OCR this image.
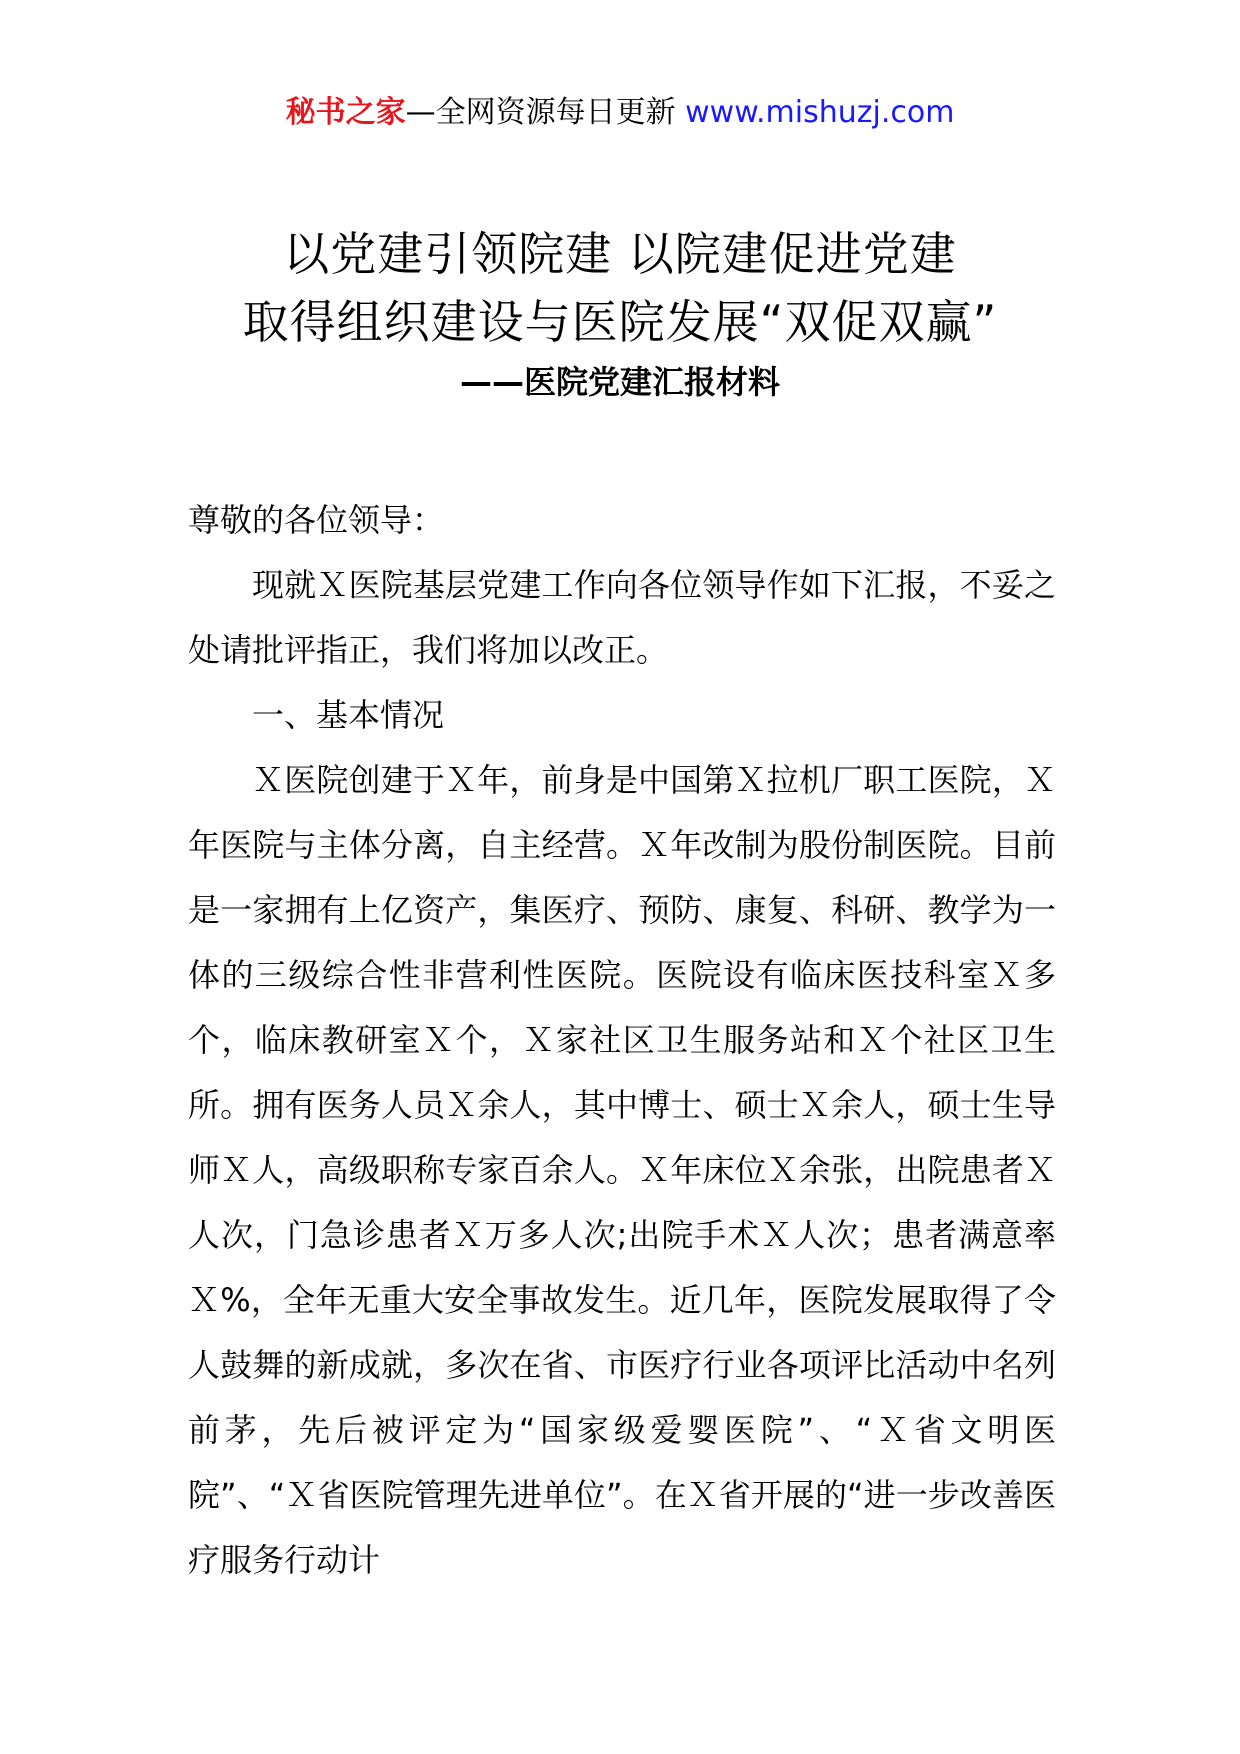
秘书之家—全网资源每日更新 www.mishuzj.com
以党建引领院建 以院建促进党建
取得组织建设与医院发展“双促双赢”
——医院党建汇报材料

尊敬的各位领导：

现就Ｘ医院基层党建工作向各位领导作如下汇报，不妥之处请批评指正，我们将加以改正。

一、基本情况

Ｘ医院创建于Ｘ年，前身是中国第Ｘ拉机厂职工医院，Ｘ年医院与主体分离，自主经营。Ｘ年改制为股份制医院。目前是一家拥有上亿资产，集医疗、预防、康复、科研、教学为一体的三级综合性非营利性医院。医院设有临床医技科室Ｘ多个，临床教研室Ｘ个，Ｘ家社区卫生服务站和Ｘ个社区卫生所。拥有医务人员Ｘ余人，其中博士、硕士Ｘ余人，硕士生导师Ｘ人，高级职称专家百余人。Ｘ年床位Ｘ余张，出院患者Ｘ人次，门急诊患者Ｘ万多人次;出院手术Ｘ人次；患者满意率Ｘ%，全年无重大安全事故发生。近几年，医院发展取得了令人鼓舞的新成就，多次在省、市医疗行业各项评比活动中名列前茅，先后被评定为“国家级爱婴医院”、“Ｘ省文明医院”、“Ｘ省医院管理先进单位”。在Ｘ省开展的“进一步改善医疗服务行动计
